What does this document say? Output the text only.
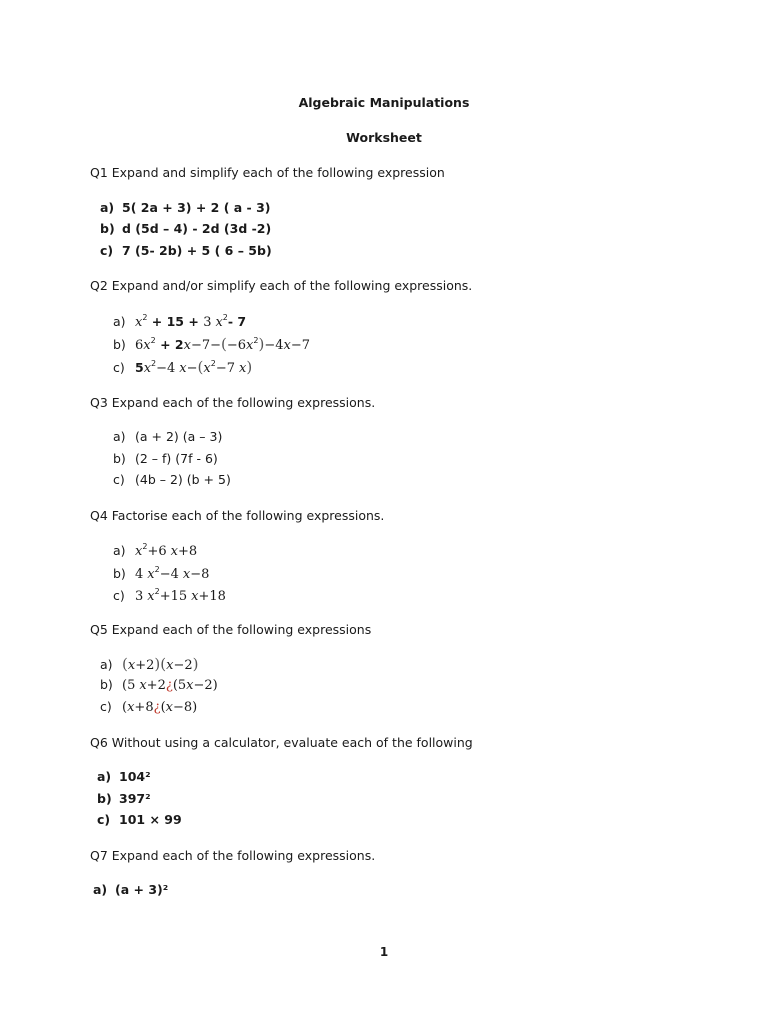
Algebraic Manipulations
Worksheet
Q1 Expand and simplify each of the following expression
a) 5( 2a + 3) + 2 ( a - 3)
b) d (5d – 4) - 2d (3d -2)
c) 7 (5- 2b) + 5 ( 6 – 5b)
Q2 Expand and/or simplify each of the following expressions.
a) $x^2 + 15 + 3$ $x^2-$ 7
b) $6x^2 + 2x-7-(-6x^2)-4x-7$
c) $5x^2-4$ $x-(x^2-7$ x)
Q3 Expand each of the following expressions.
a) (a + 2) (a – 3)
b) (2 – f) (7f - 6)
c) (4b – 2) (b + 5)
Q4 Factorise each of the following expressions.
a) $x^2+6$ x+8
b) 4 $x^2-4$ x−8
c) 3 $x^2+15$ x+18
Q5 Expand each of the following expressions
a) (x+2)(x−2)
b) (5 x+2¿(5x−2)
c) (x+8¿(x−8)
Q6 Without using a calculator, evaluate each of the following
a) 104²
b) 397²
c) 101 × 99
Q7 Expand each of the following expressions.
a) (a + 3)²
1
